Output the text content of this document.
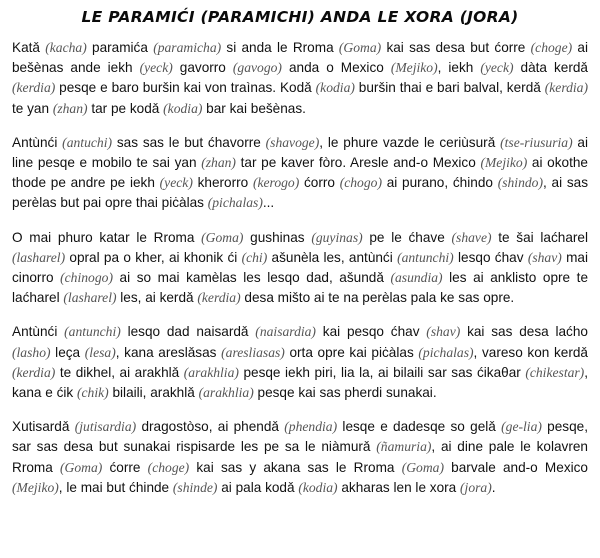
LE PARAMIĆI (PARAMICHI) ANDA LE XORA (JORA)

Katǎ (kacha) paramića (paramicha) si anda le Rroma (Goma) kai sas desa but ćorre (choge) ai bešènas ande iekh (yeck) gavorro (gavogo) anda o Mexico (Mejiko), iekh (yeck) dàta kerdǎ (kerdia) pesqe e baro buršin kai von traìnas. Kodǎ (kodia) buršin thai e bari balval, kerdǎ (kerdia) te yan (zhan) tar pe kodǎ (kodia) bar kai bešènas.

Antùnći (antuchi) sas sas le but ćhavorre (shavoge), le phure vazde le ceriùsurǎ (tse-riusuria) ai line pesqe e mobilo te sai yan (zhan) tar pe kaver fòro. Aresle and-o Mexico (Mejiko) ai okothe thode pe andre pe iekh (yeck) kherorro (kerogo) ćorro (chogo) ai purano, ćhindo (shindo), ai sas perèlas but pai opre thai piċàlas (pichalas)...

O mai phuro katar le Rroma (Goma) gushinas (guyinas) pe le ćhave (shave) te šai laćharel (lasharel) opral pa o kher, ai khonik ći (chi) ašunèla les, antùnći (antunchi) lesqo ćhav (shav) mai cinorro (chinogo) ai so mai kamèlas les lesqo dad, ašundǎ (asundia) les ai anklisto opre te laćharel (lasharel) les, ai kerdǎ (kerdia) desa mišto ai te na perèlas pala ke sas opre.

Antùnći (antunchi) lesqo dad naisardǎ (naisardia) kai pesqo ćhav (shav) kai sas desa laćho (lasho) leça (lesa), kana areslǎsas (aresliasas) orta opre kai piċàlas (pichalas), vareso kon kerdǎ (kerdia) te dikhel, ai arakhlǎ (arakhlia) pesqe iekh piri, lia la, ai bilaili sar sas ćikaθar (chikestar), kana e ćik (chik) bilaili, arakhlǎ (arakhlia) pesqe kai sas pherdi sunakai.

Xutisardǎ (jutisardia) dragostòso, ai phendǎ (phendia) lesqe e dadesqe so gelǎ (ge-lia) pesqe, sar sas desa but sunakai rispisarde les pe sa le niàmurǎ (ñamuria), ai dine pale le kolavren Rroma (Goma) ćorre (choge) kai sas y akana sas le Rroma (Goma) barvale and-o Mexico (Mejiko), le mai but ćhinde (shinde) ai pala kodǎ (kodia) akharas len le xora (jora).
